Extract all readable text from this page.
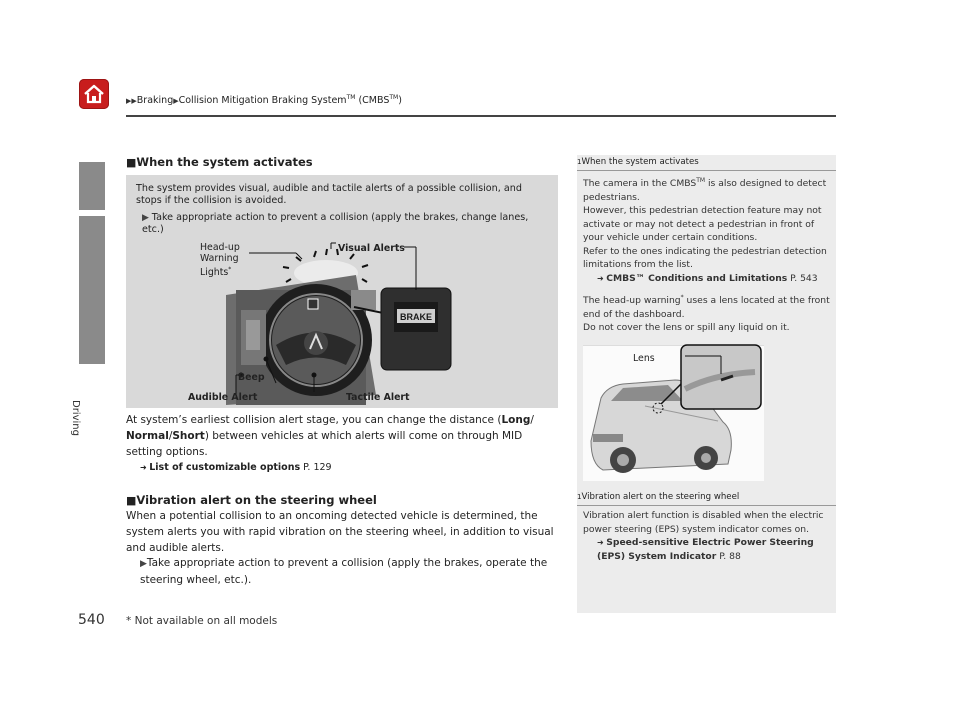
▶▶Braking▶Collision Mitigation Braking System™ (CMBS™)
Driving
■When the system activates
The system provides visual, audible and tactile alerts of a possible collision, and stops if the collision is avoided.
▶ Take appropriate action to prevent a collision (apply the brakes, change lanes, etc.)
BRAKE
Head-up Warning Lights*
Visual Alerts
Beep
Audible Alert	Tactile Alert
At system’s earliest collision alert stage, you can change the distance (Long/ Normal/Short) between vehicles at which alerts will come on through MID setting options.
➜ List of customizable options P. 129
■Vibration alert on the steering wheel
When a potential collision to an oncoming detected vehicle is determined, the system alerts you with rapid vibration on the steering wheel, in addition to visual and audible alerts.
▶Take appropriate action to prevent a collision (apply the brakes, operate the steering wheel, etc.).
1When the system activates
The camera in the CMBS™ is also designed to detect pedestrians.
However, this pedestrian detection feature may not activate or may not detect a pedestrian in front of your vehicle under certain conditions.
Refer to the ones indicating the pedestrian detection limitations from the list.
➜ CMBS™ Conditions and Limitations P. 543
The head-up warning* uses a lens located at the front end of the dashboard.
Do not cover the lens or spill any liquid on it.
Lens
1Vibration alert on the steering wheel
Vibration alert function is disabled when the electric power steering (EPS) system indicator comes on.
➜ Speed-sensitive Electric Power Steering (EPS) System Indicator P. 88
540 * Not available on all models
